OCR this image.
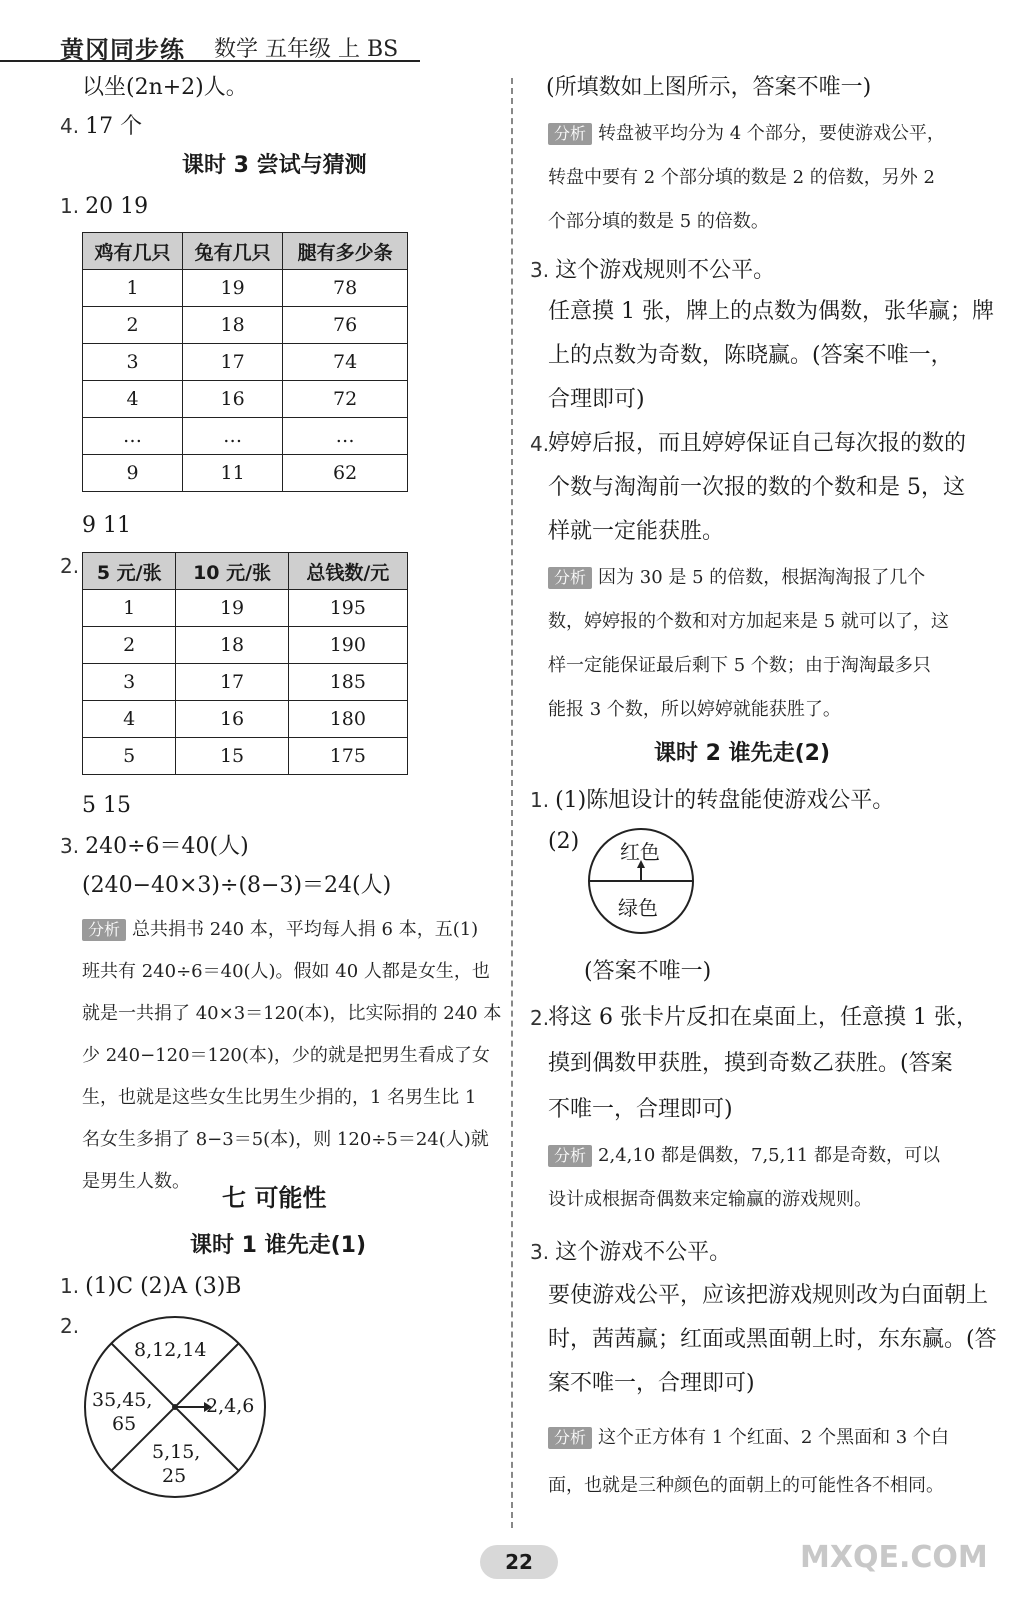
黄冈同步练 数学 五年级 上 BS
以坐(2n+2)人。
4. 17 个
课时 3 尝试与猜测
1. 20 19
鸡有几只	兔有几只	腿有多少条
1	19	78
2	18	76
3	17	74
4	16	72
…	…	…
9	11	62
9 11
2. 5 元/张	10 元/张	总钱数/元
1	19	195
2	18	190
3	17	185
4	16	180
5	15	175
5 15
3. 240÷6＝40(人)
(240−40×3)÷(8−3)＝24(人)
分析 总共捐书 240 本，平均每人捐 6 本，五(1)
班共有 240÷6＝40(人)。假如 40 人都是女生，也
就是一共捐了 40×3＝120(本)，比实际捐的 240 本
少 240−120＝120(本)，少的就是把男生看成了女
生，也就是这些女生比男生少捐的，1 名男生比 1
名女生多捐了 8−3＝5(本)，则 120÷5＝24(人)就
是男生人数。
七 可能性
课时 1 谁先走(1)
1. (1)C (2)A (3)B
2.
8,12,14
2,4,6
35,45,
65
5,15,
25
(所填数如上图所示，答案不唯一)
分析 转盘被平均分为 4 个部分，要使游戏公平，
转盘中要有 2 个部分填的数是 2 的倍数，另外 2
个部分填的数是 5 的倍数。
3. 这个游戏规则不公平。
任意摸 1 张，牌上的点数为偶数，张华赢；牌
上的点数为奇数，陈晓赢。(答案不唯一，
合理即可)
4.
婷婷后报，而且婷婷保证自己每次报的数的
个数与淘淘前一次报的数的个数和是 5，这
样就一定能获胜。
分析 因为 30 是 5 的倍数，根据淘淘报了几个
数，婷婷报的个数和对方加起来是 5 就可以了，这
样一定能保证最后剩下 5 个数；由于淘淘最多只
能报 3 个数，所以婷婷就能获胜了。
课时 2 谁先走(2)
1. (1)陈旭设计的转盘能使游戏公平。
(2) 红色
绿色
(答案不唯一)
2.
将这 6 张卡片反扣在桌面上，任意摸 1 张，
摸到偶数甲获胜，摸到奇数乙获胜。(答案
不唯一，合理即可)
分析 2,4,10 都是偶数，7,5,11 都是奇数，可以
设计成根据奇偶数来定输赢的游戏规则。
3. 这个游戏不公平。
要使游戏公平，应该把游戏规则改为白面朝上
时，茜茜赢；红面或黑面朝上时，东东赢。(答
案不唯一，合理即可)
分析 这个正方体有 1 个红面、2 个黑面和 3 个白
面，也就是三种颜色的面朝上的可能性各不相同。
22	MXQE.COM
